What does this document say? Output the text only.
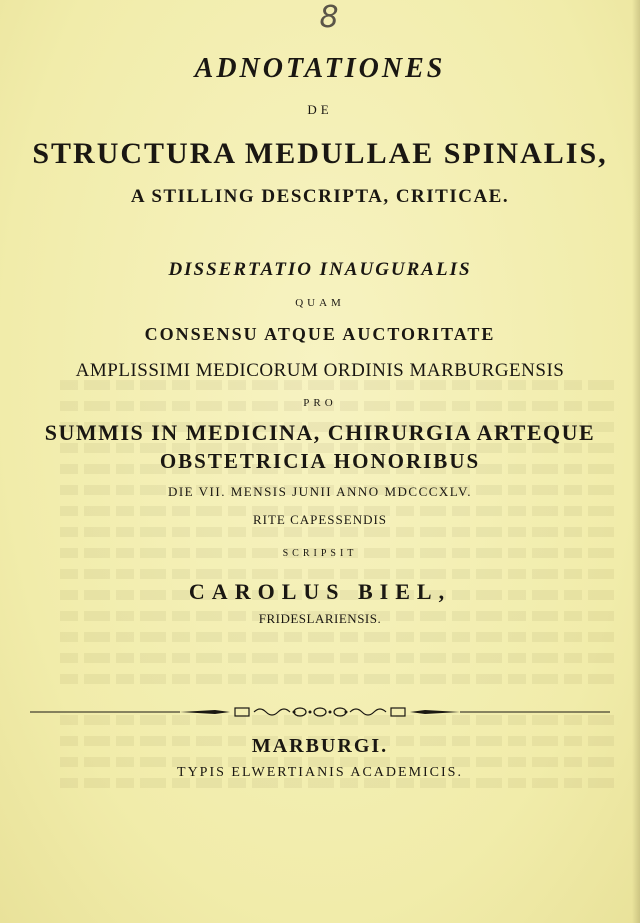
8
ADNOTATIONES
DE
STRUCTURA MEDULLAE SPINALIS,
A STILLING DESCRIPTA, CRITICAE.
DISSERTATIO INAUGURALIS
QUAM
CONSENSU ATQUE AUCTORITATE
AMPLISSIMI MEDICORUM ORDINIS MARBURGENSIS
PRO
SUMMIS IN MEDICINA, CHIRURGIA ARTEQUE
OBSTETRICIA HONORIBUS
DIE VII. MENSIS JUNII ANNO MDCCCXLV.
RITE CAPESSENDIS
SCRIPSIT
CAROLUS BIEL,
FRIDESLARIENSIS.
MARBURGI.
TYPIS ELWERTIANIS ACADEMICIS.
